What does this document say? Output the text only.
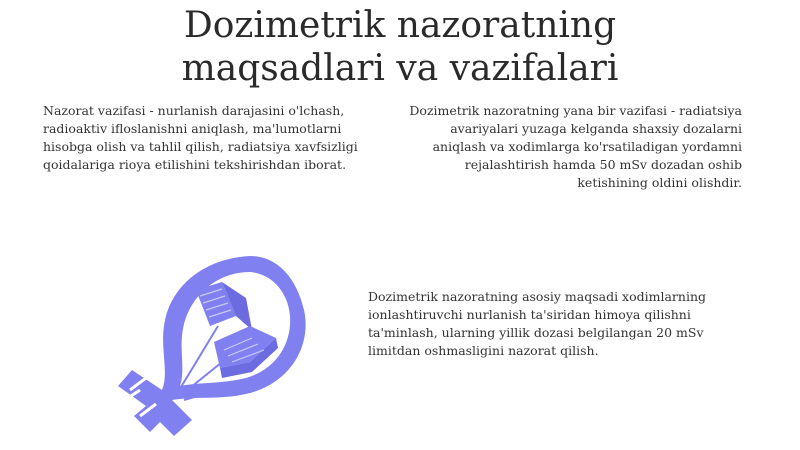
Dozimetrik nazoratning
maqsadlari va vazifalari

Nazorat vazifasi - nurlanish darajasini o'lchash, radioaktiv ifloslanishni aniqlash, ma'lumotlarni hisobga olish va tahlil qilish, radiatsiya xavfsizligi qoidalariga rioya etilishini tekshirishdan iborat.

Dozimetrik nazoratning yana bir vazifasi - radiatsiya avariyalari yuzaga kelganda shaxsiy dozalarni aniqlash va xodimlarga ko'rsatiladigan yordamni rejalashtirish hamda 50 mSv dozadan oshib ketishining oldini olishdir.

Dozimetrik nazoratning asosiy maqsadi xodimlarning ionlashtiruvchi nurlanish ta'siridan himoya qilishni ta'minlash, ularning yillik dozasi belgilangan 20 mSv limitdan oshmasligini nazorat qilish.
